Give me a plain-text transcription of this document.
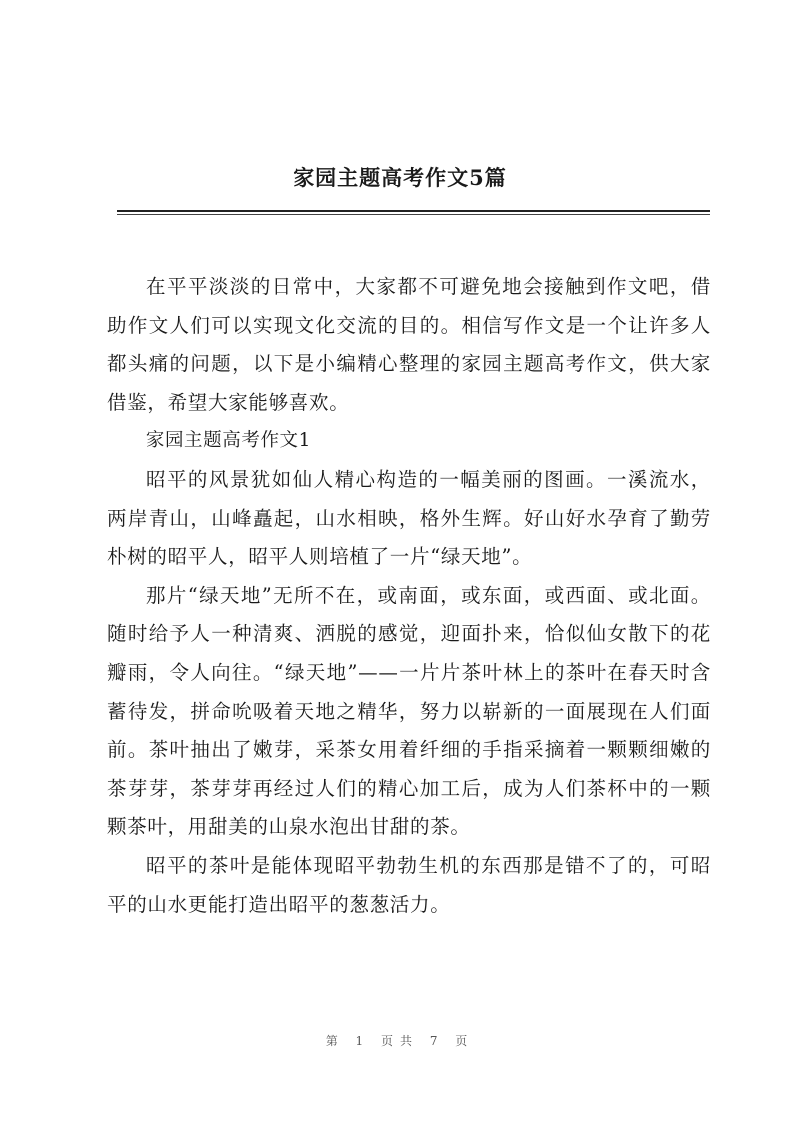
家园主题高考作文5篇

在平平淡淡的日常中，大家都不可避免地会接触到作文吧，借助作文人们可以实现文化交流的目的。相信写作文是一个让许多人都头痛的问题，以下是小编精心整理的家园主题高考作文，供大家借鉴，希望大家能够喜欢。

家园主题高考作文1

昭平的风景犹如仙人精心构造的一幅美丽的图画。一溪流水，两岸青山，山峰矗起，山水相映，格外生辉。好山好水孕育了勤劳朴树的昭平人，昭平人则培植了一片“绿天地”。

那片“绿天地”无所不在，或南面，或东面，或西面、或北面。随时给予人一种清爽、洒脱的感觉，迎面扑来，恰似仙女散下的花瓣雨，令人向往。“绿天地”——一片片茶叶林上的茶叶在春天时含蓄待发，拼命吮吸着天地之精华，努力以崭新的一面展现在人们面前。茶叶抽出了嫩芽，采茶女用着纤细的手指采摘着一颗颗细嫩的茶芽芽，茶芽芽再经过人们的精心加工后，成为人们茶杯中的一颗颗茶叶，用甜美的山泉水泡出甘甜的茶。

昭平的茶叶是能体现昭平勃勃生机的东西那是错不了的，可昭平的山水更能打造出昭平的葱葱活力。

第 1 页共 7 页
